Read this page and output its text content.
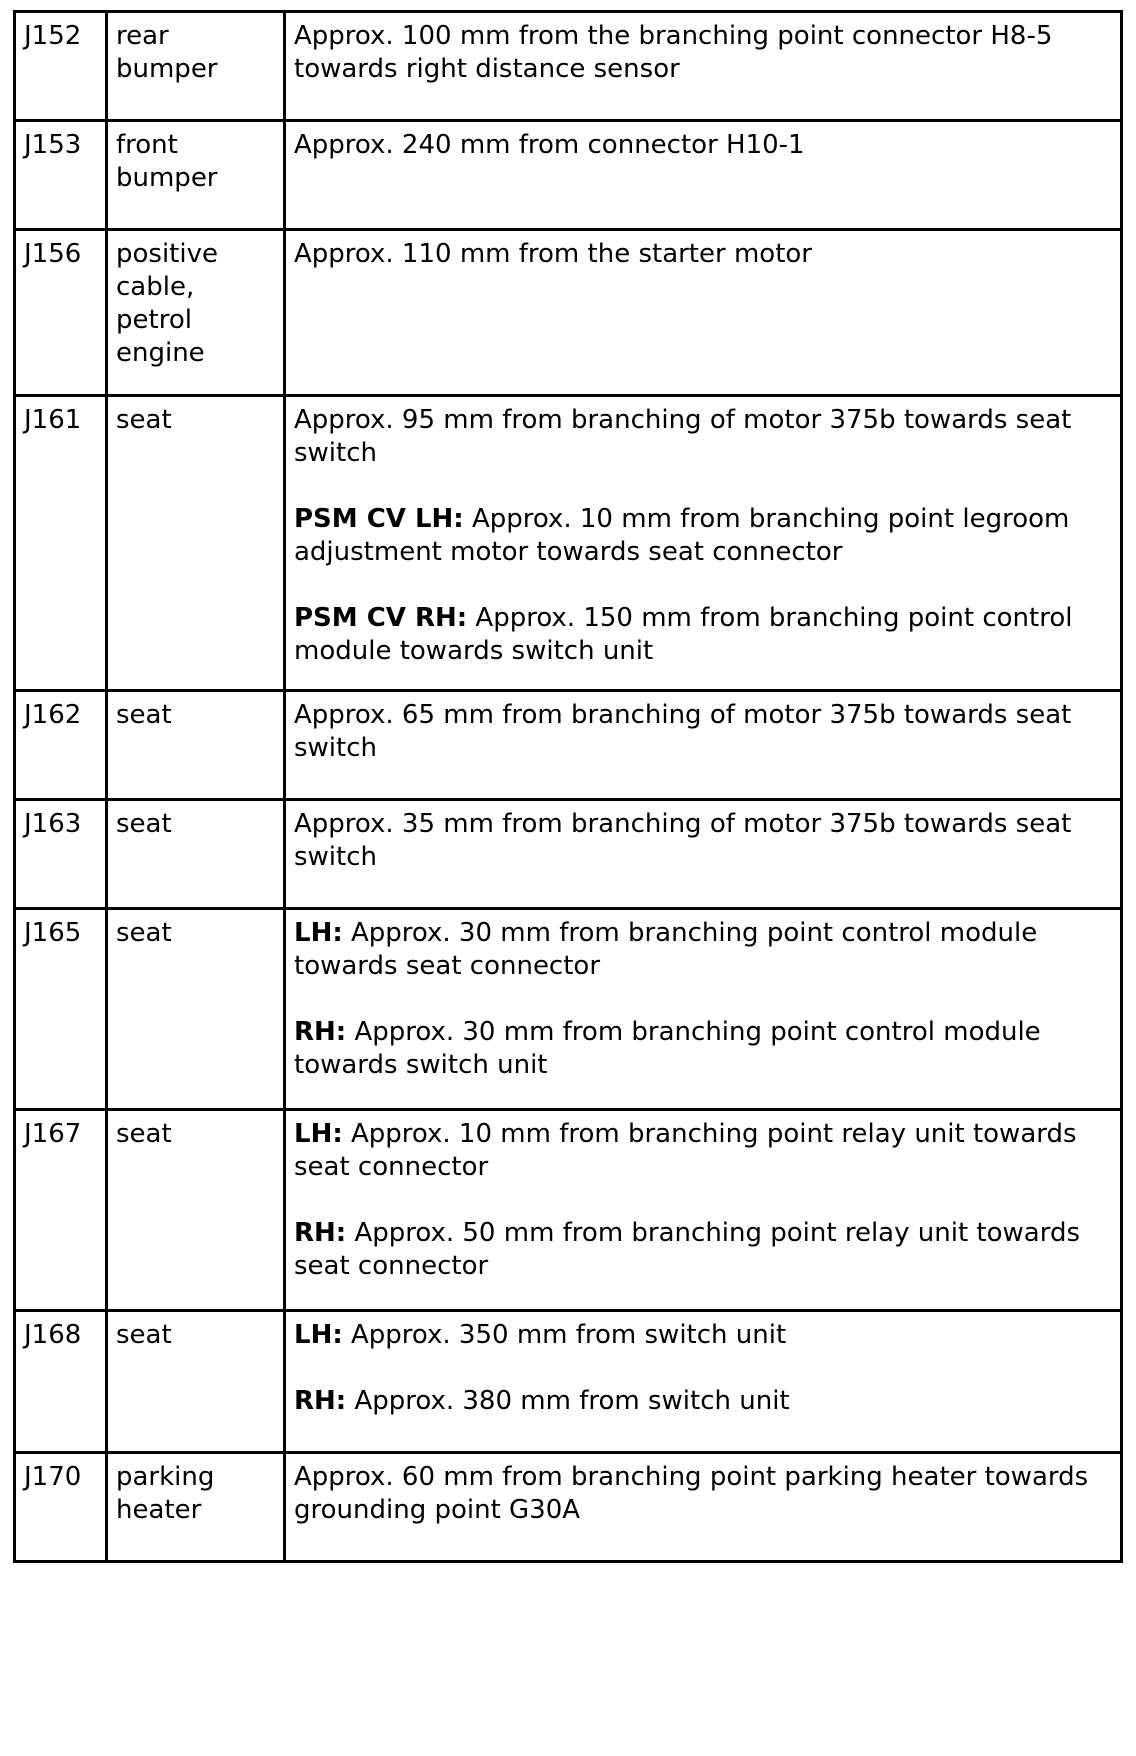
J152	rear bumper	Approx. 100 mm from the branching point connector H8-5 towards right distance sensor

J153	front bumper	Approx. 240 mm from connector H10-1

J156	positive cable, petrol engine	Approx. 110 mm from the starter motor

J161	seat	Approx. 95 mm from branching of motor 375b towards seat switch

PSM CV LH: Approx. 10 mm from branching point legroom adjustment motor towards seat connector

PSM CV RH: Approx. 150 mm from branching point control module towards switch unit

J162	seat	Approx. 65 mm from branching of motor 375b towards seat switch

J163	seat	Approx. 35 mm from branching of motor 375b towards seat switch

J165	seat	LH: Approx. 30 mm from branching point control module towards seat connector

RH: Approx. 30 mm from branching point control module towards switch unit

J167	seat	LH: Approx. 10 mm from branching point relay unit towards seat connector

RH: Approx. 50 mm from branching point relay unit towards seat connector

J168	seat	LH: Approx. 350 mm from switch unit

RH: Approx. 380 mm from switch unit

J170	parking heater	Approx. 60 mm from branching point parking heater towards grounding point G30A
